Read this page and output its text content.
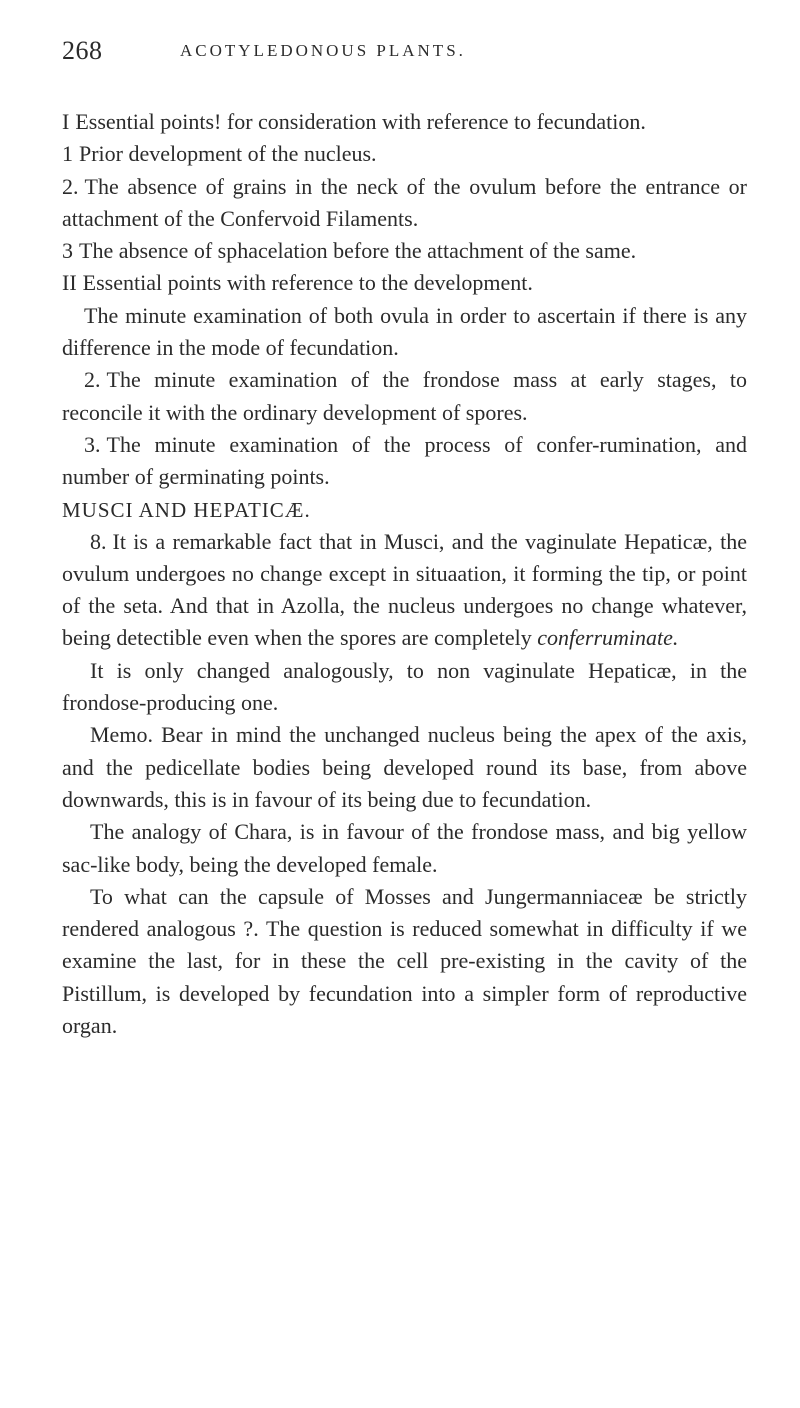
268	ACOTYLEDONOUS PLANTS.

I Essential points! for consideration with reference to fecundation.

1 Prior development of the nucleus.

2. The absence of grains in the neck of the ovulum before the entrance or attachment of the Confervoid Filaments.

3 The absence of sphacelation before the attachment of the same.

II Essential points with reference to the development.

The minute examination of both ovula in order to ascertain if there is any difference in the mode of fecundation.

2. The minute examination of the frondose mass at early stages, to reconcile it with the ordinary development of spores.

3. The minute examination of the process of confer-rumination, and number of germinating points.

MUSCI AND HEPATICÆ.

8. It is a remarkable fact that in Musci, and the vaginulate Hepaticæ, the ovulum undergoes no change except in situaation, it forming the tip, or point of the seta. And that in Azolla, the nucleus undergoes no change whatever, being detectible even when the spores are completely conferruminate.

It is only changed analogously, to non vaginulate Hepaticæ, in the frondose-producing one.

Memo. Bear in mind the unchanged nucleus being the apex of the axis, and the pedicellate bodies being developed round its base, from above downwards, this is in favour of its being due to fecundation.

The analogy of Chara, is in favour of the frondose mass, and big yellow sac-like body, being the developed female.

To what can the capsule of Mosses and Jungermanniaceæ be strictly rendered analogous ?. The question is reduced somewhat in difficulty if we examine the last, for in these the cell pre-existing in the cavity of the Pistillum, is developed by fecundation into a simpler form of reproductive organ.
